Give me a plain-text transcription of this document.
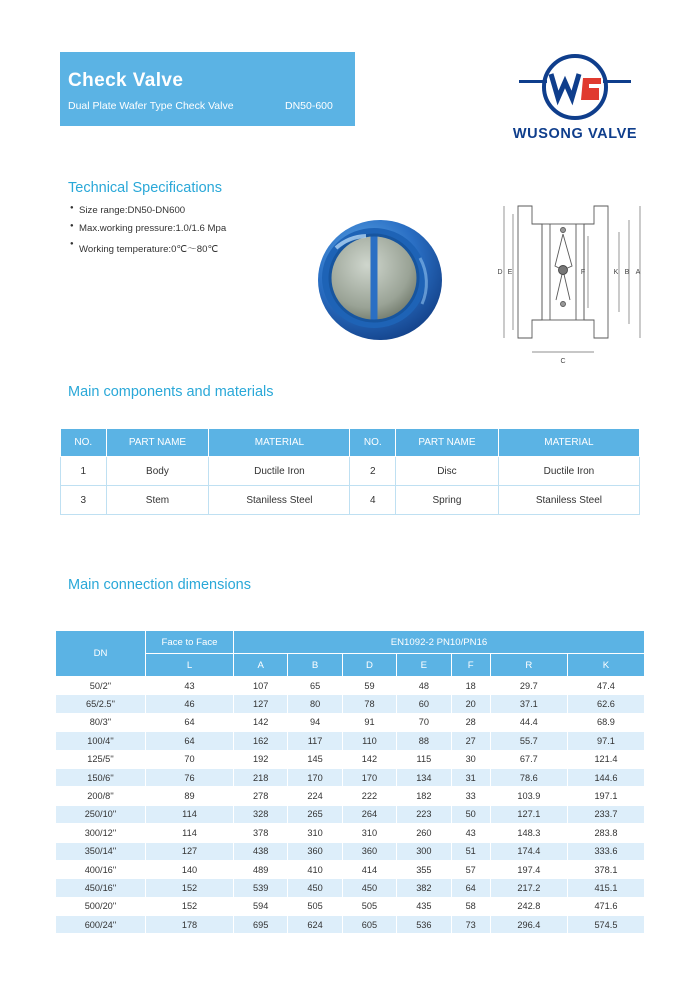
Check Valve
Dual Plate Wafer Type Check Valve	DN50-600
WUSONG VALVE
Technical Specifications
● Size range:DN50-DN600
● Max.working pressure:1.0/1.6 Mpa
● Working temperature:0℃～80℃
D E	K B A
F
C
Main components and materials
NO.	PART NAME	MATERIAL	NO.	PART NAME	MATERIAL
1	Body	Ductile Iron	2	Disc	Ductile Iron
3	Stem	Staniless Steel	4	Spring	Staniless Steel
Main connection dimensions
DN	Face to Face	EN1092-2 PN10/PN16						
	L	A	B	D	E	F	R	K
50/2''	43	107	65	59	48	18	29.7	47.4
65/2.5''	46	127	80	78	60	20	37.1	62.6
80/3''	64	142	94	91	70	28	44.4	68.9
100/4''	64	162	117	110	88	27	55.7	97.1
125/5''	70	192	145	142	115	30	67.7	121.4
150/6''	76	218	170	170	134	31	78.6	144.6
200/8''	89	278	224	222	182	33	103.9	197.1
250/10''	114	328	265	264	223	50	127.1	233.7
300/12''	114	378	310	310	260	43	148.3	283.8
350/14''	127	438	360	360	300	51	174.4	333.6
400/16''	140	489	410	414	355	57	197.4	378.1
450/16''	152	539	450	450	382	64	217.2	415.1
500/20''	152	594	505	505	435	58	242.8	471.6
600/24''	178	695	624	605	536	73	296.4	574.5
